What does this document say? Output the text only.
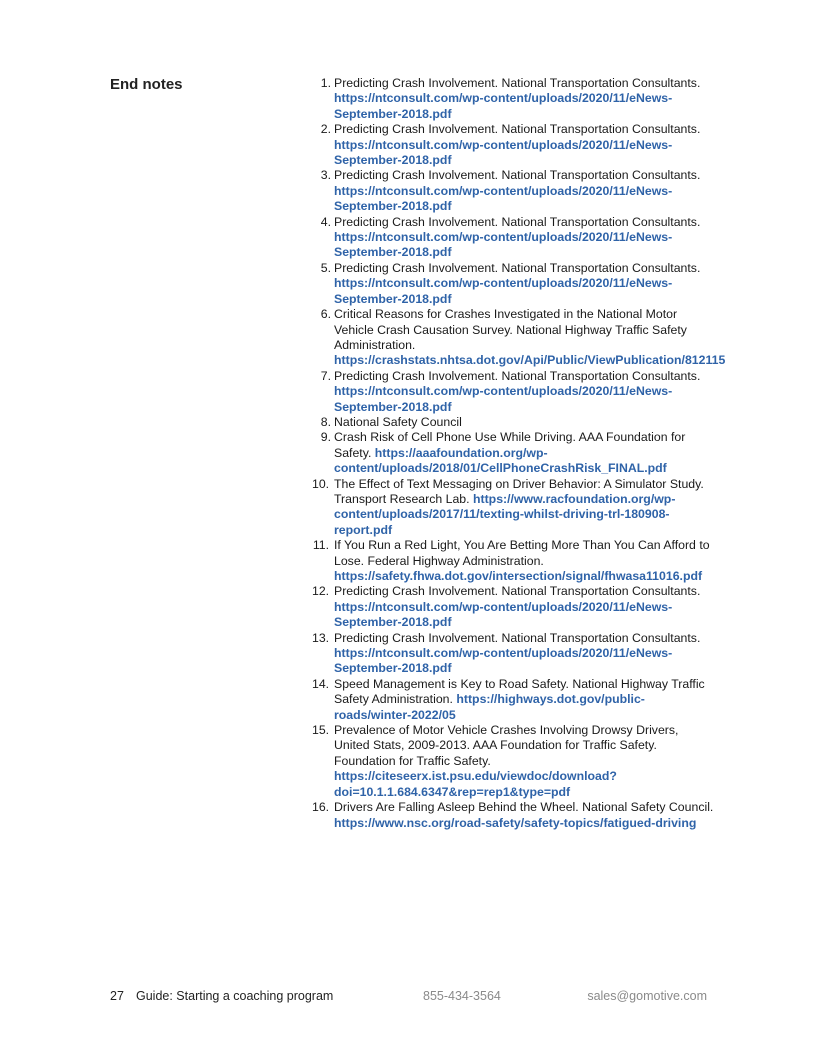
End notes	1. Predicting Crash Involvement. National Transportation Consultants. https://ntconsult.com/wp-content/uploads/2020/11/eNews-September-2018.pdf
2. Predicting Crash Involvement. National Transportation Consultants. https://ntconsult.com/wp-content/uploads/2020/11/eNews-September-2018.pdf
3. Predicting Crash Involvement. National Transportation Consultants. https://ntconsult.com/wp-content/uploads/2020/11/eNews-September-2018.pdf
4. Predicting Crash Involvement. National Transportation Consultants. https://ntconsult.com/wp-content/uploads/2020/11/eNews-September-2018.pdf
5. Predicting Crash Involvement. National Transportation Consultants. https://ntconsult.com/wp-content/uploads/2020/11/eNews-September-2018.pdf
6. Critical Reasons for Crashes Investigated in the National Motor Vehicle Crash Causation Survey. National Highway Traffic Safety Administration. https://crashstats.nhtsa.dot.gov/Api/Public/ViewPublication/812115
7. Predicting Crash Involvement. National Transportation Consultants. https://ntconsult.com/wp-content/uploads/2020/11/eNews-September-2018.pdf
8. National Safety Council
9. Crash Risk of Cell Phone Use While Driving. AAA Foundation for Safety. https://aaafoundation.org/wp-content/uploads/2018/01/CellPhoneCrashRisk_FINAL.pdf
10. The Effect of Text Messaging on Driver Behavior: A Simulator Study. Transport Research Lab. https://www.racfoundation.org/wp-content/uploads/2017/11/texting-whilst-driving-trl-180908-report.pdf
11. If You Run a Red Light, You Are Betting More Than You Can Afford to Lose. Federal Highway Administration. https://safety.fhwa.dot.gov/intersection/signal/fhwasa11016.pdf
12. Predicting Crash Involvement. National Transportation Consultants. https://ntconsult.com/wp-content/uploads/2020/11/eNews-September-2018.pdf
13. Predicting Crash Involvement. National Transportation Consultants. https://ntconsult.com/wp-content/uploads/2020/11/eNews-September-2018.pdf
14. Speed Management is Key to Road Safety. National Highway Traffic Safety Administration. https://highways.dot.gov/public-roads/winter-2022/05
15. Prevalence of Motor Vehicle Crashes Involving Drowsy Drivers, United Stats, 2009-2013. AAA Foundation for Traffic Safety. Foundation for Traffic Safety. https://citeseerx.ist.psu.edu/viewdoc/download?doi=10.1.1.684.6347&rep=rep1&type=pdf
16. Drivers Are Falling Asleep Behind the Wheel. National Safety Council. https://www.nsc.org/road-safety/safety-topics/fatigued-driving
27 Guide: Starting a coaching program	855-434-3564	sales@gomotive.com
